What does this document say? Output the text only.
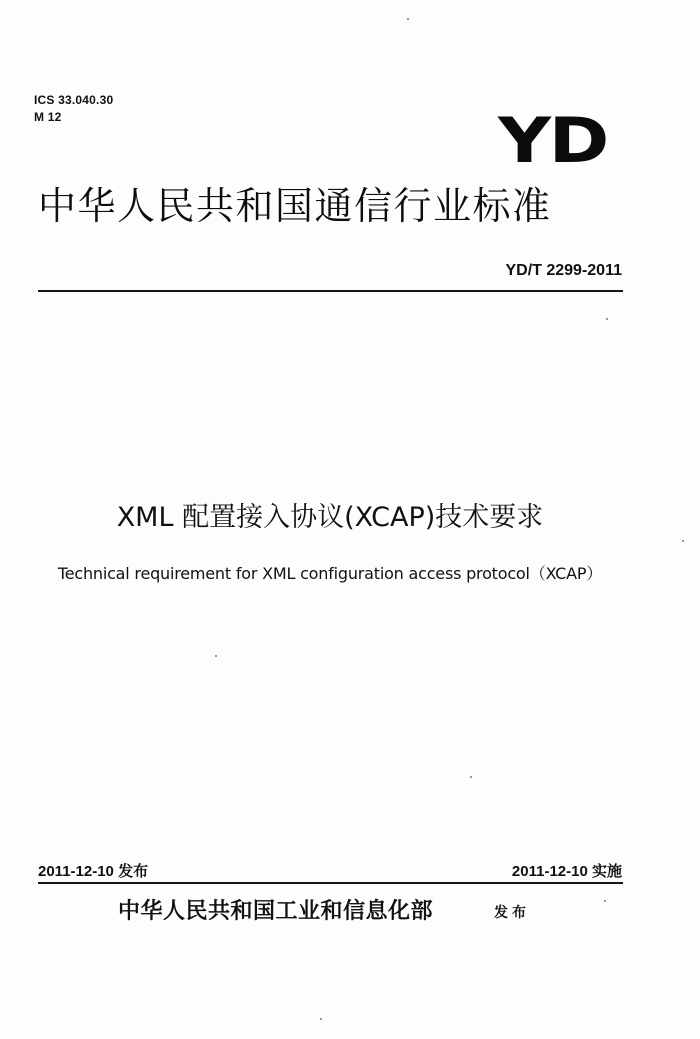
ICS 33.040.30
M 12	YD
中华人民共和国通信行业标准
YD/T 2299-2011
XML 配置接入协议(XCAP)技术要求
Technical requirement for XML configuration access protocol（XCAP）
2011-12-10 发布	2011-12-10 实施
中华人民共和国工业和信息化部	发布
